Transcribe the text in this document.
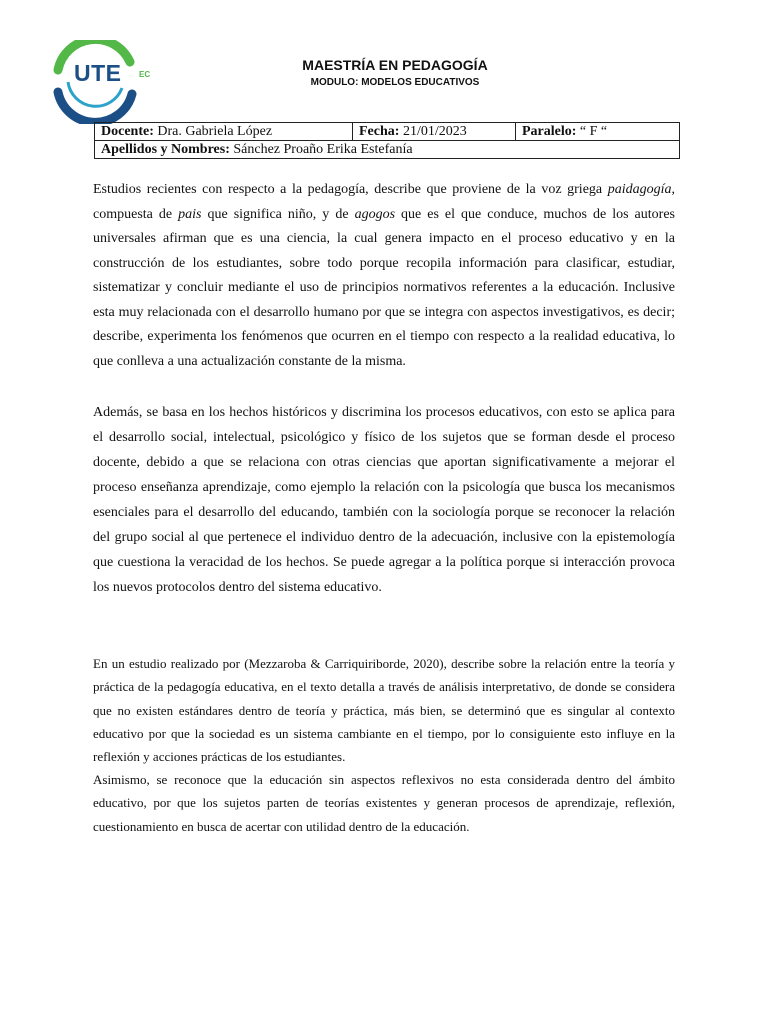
UTE EC
MAESTRÍA EN PEDAGOGÍA
MODULO: MODELOS EDUCATIVOS
Docente: Dra. Gabriela López	Fecha: 21/01/2023	Paralelo: “ F “
Apellidos y Nombres: Sánchez Proaño Erika Estefanía

Estudios recientes con respecto a la pedagogía, describe que proviene de la voz griega paidagogía, compuesta de pais que significa niño, y de agogos que es el que conduce, muchos de los autores universales afirman que es una ciencia, la cual genera impacto en el proceso educativo y en la construcción de los estudiantes, sobre todo porque recopila información para clasificar, estudiar, sistematizar y concluir mediante el uso de principios normativos referentes a la educación. Inclusive esta muy relacionada con el desarrollo humano por que se integra con aspectos investigativos, es decir; describe, experimenta los fenómenos que ocurren en el tiempo con respecto a la realidad educativa, lo que conlleva a una actualización constante de la misma.

Además, se basa en los hechos históricos y discrimina los procesos educativos, con esto se aplica para el desarrollo social, intelectual, psicológico y físico de los sujetos que se forman desde el proceso docente, debido a que se relaciona con otras ciencias que aportan significativamente a mejorar el proceso enseñanza aprendizaje, como ejemplo la relación con la psicología que busca los mecanismos esenciales para el desarrollo del educando, también con la sociología porque se reconocer la relación del grupo social al que pertenece el individuo dentro de la adecuación, inclusive con la epistemología que cuestiona la veracidad de los hechos. Se puede agregar a la política porque si interacción provoca los nuevos protocolos dentro del sistema educativo.

En un estudio realizado por (Mezzaroba & Carriquiriborde, 2020), describe sobre la relación entre la teoría y práctica de la pedagogía educativa, en el texto detalla a través de análisis interpretativo, de donde se considera que no existen estándares dentro de teoría y práctica, más bien, se determinó que es singular al contexto educativo por que la sociedad es un sistema cambiante en el tiempo, por lo consiguiente esto influye en la reflexión y acciones prácticas de los estudiantes.

Asimismo, se reconoce que la educación sin aspectos reflexivos no esta considerada dentro del ámbito educativo, por que los sujetos parten de teorías existentes y generan procesos de aprendizaje, reflexión, cuestionamiento en busca de acertar con utilidad dentro de la educación.
